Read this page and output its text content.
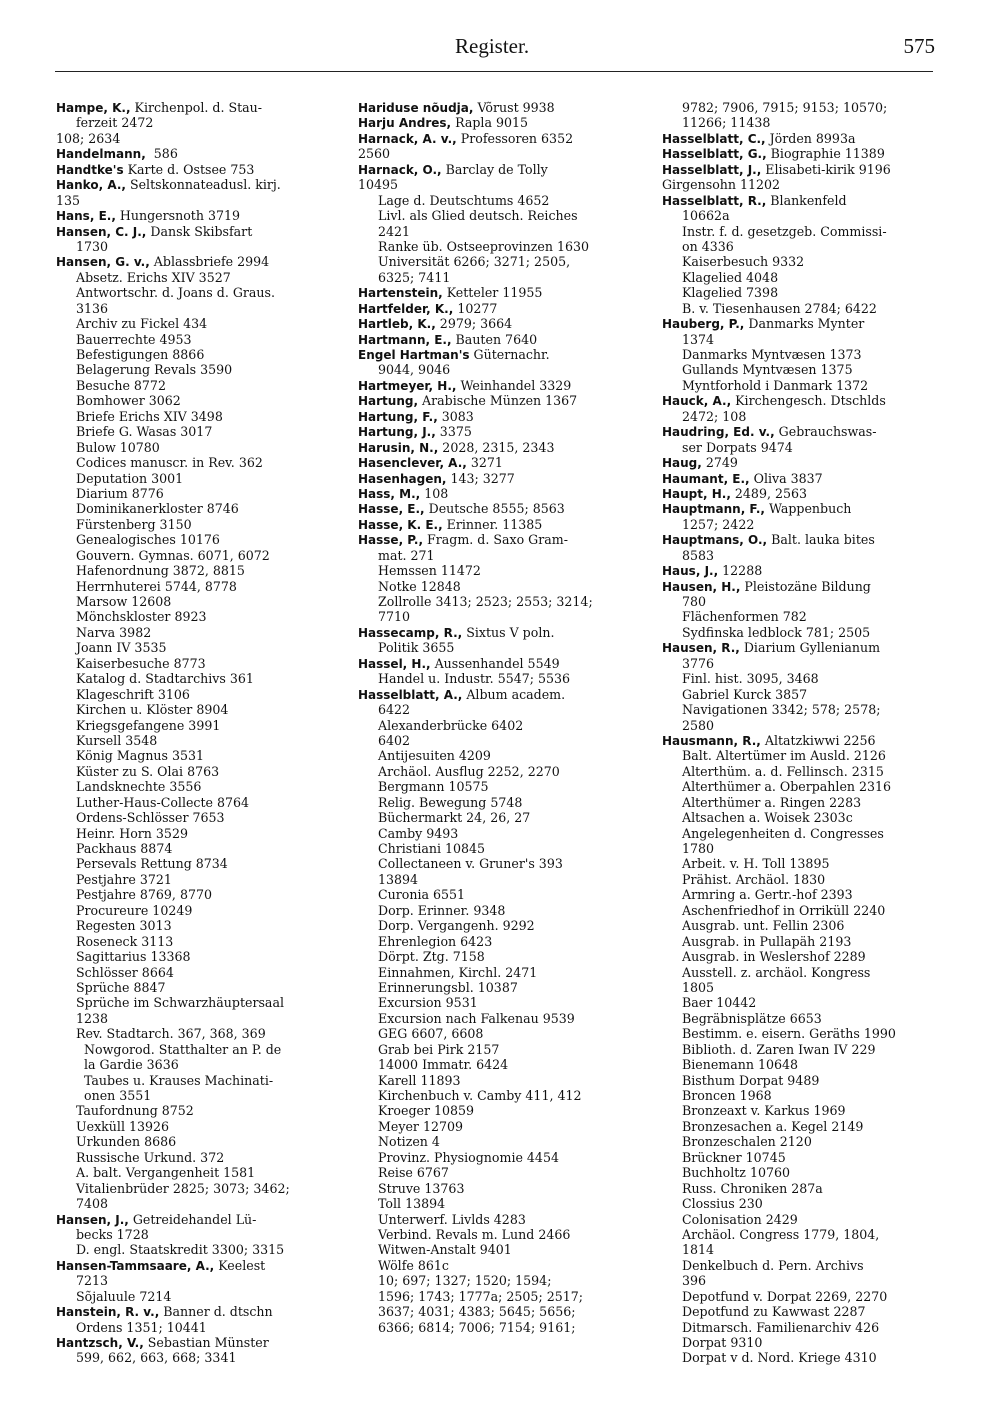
Register.	575
Hampe, K., Kirchenpol. d. Stau-
ferzeit 2472
108; 2634
Handelmann,  586
Handtke's Karte d. Ostsee 753
Hanko, A., Seltskonnateadusl. kirj.
135
Hans, E., Hungersnoth 3719
Hansen, C. J., Dansk Skibsfart
1730
Hansen, G. v., Ablassbriefe 2994
Absetz. Erichs XIV 3527
Antwortschr. d. Joans d. Graus.
3136
Archiv zu Fickel 434
Bauerrechte 4953
Befestigungen 8866
Belagerung Revals 3590
Besuche 8772
Bomhower 3062
Briefe Erichs XIV 3498
Briefe G. Wasas 3017
Bulow 10780
Codices manuscr. in Rev. 362
Deputation 3001
Diarium 8776
Dominikanerkloster 8746
Fürstenberg 3150
Genealogisches 10176
Gouvern. Gymnas. 6071, 6072
Hafenordnung 3872, 8815
Herrnhuterei 5744, 8778
Marsow 12608
Mönchskloster 8923
Narva 3982
Joann IV 3535
Kaiserbesuche 8773
Katalog d. Stadtarchivs 361
Klageschrift 3106
Kirchen u. Klöster 8904
Kriegsgefangene 3991
Kursell 3548
König Magnus 3531
Küster zu S. Olai 8763
Landsknechte 3556
Luther-Haus-Collecte 8764
Ordens-Schlösser 7653
Heinr. Horn 3529
Packhaus 8874
Persevals Rettung 8734
Pestjahre 3721
Pestjahre 8769, 8770
Procureure 10249
Regesten 3013
Roseneck 3113
Sagittarius 13368
Schlösser 8664
Sprüche 8847
Sprüche im Schwarzhäuptersaal
1238
Rev. Stadtarch. 367, 368, 369
Nowgorod. Statthalter an P. de
la Gardie 3636
Taubes u. Krauses Machinati-
onen 3551
Taufordnung 8752
Uexküll 13926
Urkunden 8686
Russische Urkund. 372
A. balt. Vergangenheit 1581
Vitalienbrüder 2825; 3073; 3462;
7408
Hansen, J., Getreidehandel Lü-
becks 1728
D. engl. Staatskredit 3300; 3315
Hansen-Tammsaare, A., Keelest
7213
Sõjaluule 7214
Hanstein, R. v., Banner d. dtschn
Ordens 1351; 10441
Hantzsch, V., Sebastian Münster
599, 662, 663, 668; 3341
Hariduse nõudja, Võrust 9938
Harju Andres, Rapla 9015
Harnack, A. v., Professoren 6352
2560
Harnack, O., Barclay de Tolly
10495
Lage d. Deutschtums 4652
Livl. als Glied deutsch. Reiches
2421
Ranke üb. Ostseeprovinzen 1630
Universität 6266; 3271; 2505,
6325; 7411
Hartenstein, Ketteler 11955
Hartfelder, K., 10277
Hartleb, K., 2979; 3664
Hartmann, E., Bauten 7640
Engel Hartman's Güternachr.
9044, 9046
Hartmeyer, H., Weinhandel 3329
Hartung, Arabische Münzen 1367
Hartung, F., 3083
Hartung, J., 3375
Harusin, N., 2028, 2315, 2343
Hasenclever, A., 3271
Hasenhagen, 143; 3277
Hass, M., 108
Hasse, E., Deutsche 8555; 8563
Hasse, K. E., Erinner. 11385
Hasse, P., Fragm. d. Saxo Gram-
mat. 271
Hemssen 11472
Notke 12848
Zollrolle 3413; 2523; 2553; 3214;
7710
Hassecamp, R., Sixtus V poln.
Politik 3655
Hassel, H., Aussenhandel 5549
Handel u. Industr. 5547; 5536
Hasselblatt, A., Album academ.
6422
Alexanderbrücke 6402
6402
Antijesuiten 4209
Archäol. Ausflug 2252, 2270
Bergmann 10575
Relig. Bewegung 5748
Büchermarkt 24, 26, 27
Camby 9493
Christiani 10845
Collectaneen v. Gruner's 393
13894
Curonia 6551
Dorp. Erinner. 9348
Dorp. Vergangenh. 9292
Ehrenlegion 6423
Dörpt. Ztg. 7158
Einnahmen, Kirchl. 2471
Erinnerungsbl. 10387
Excursion 9531
Excursion nach Falkenau 9539
GEG 6607, 6608
Grab bei Pirk 2157
14000 Immatr. 6424
Karell 11893
Kirchenbuch v. Camby 411, 412
Kroeger 10859
Meyer 12709
Notizen 4
Provinz. Physiognomie 4454
Reise 6767
Struve 13763
Toll 13894
Unterwerf. Livlds 4283
Verbind. Revals m. Lund 2466
Witwen-Anstalt 9401
Wölfe 861c
10; 697; 1327; 1520; 1594;
1596; 1743; 1777a; 2505; 2517;
3637; 4031; 4383; 5645; 5656;
6366; 6814; 7006; 7154; 9161;
9782; 7906, 7915; 9153; 10570;
11266; 11438
Hasselblatt, C., Jörden 8993a
Hasselblatt, G., Biographie 11389
Hasselblatt, J., Elisabeti-kirik 9196
Girgensohn 11202
Hasselblatt, R., Blankenfeld
10662a
Instr. f. d. gesetzgeb. Commissi-
on 4336
Kaiserbesuch 9332
Klagelied 4048
Klagelied 7398
B. v. Tiesenhausen 2784; 6422
Hauberg, P., Danmarks Mynter
1374
Danmarks Myntvæsen 1373
Gullands Myntvæsen 1375
Myntforhold i Danmark 1372
Hauck, A., Kirchengesch. Dtschlds
2472; 108
Haudring, Ed. v., Gebrauchswas-
ser Dorpats 9474
Haug, 2749
Haumant, E., Oliva 3837
Haupt, H., 2489, 2563
Hauptmann, F., Wappenbuch
1257; 2422
Hauptmans, O., Balt. lauka bites
8583
Haus, J., 12288
Hausen, H., Pleistozäne Bildung
780
Flächenformen 782
Sydfinska ledblock 781; 2505
Hausen, R., Diarium Gyllenianum
3776
Finl. hist. 3095, 3468
Gabriel Kurck 3857
Navigationen 3342; 578; 2578;
2580
Hausmann, R., Altatzkiwwi 2256
Balt. Altertümer im Ausld. 2126
Alterthüm. a. d. Fellinsch. 2315
Alterthümer a. Oberpahlen 2316
Alterthümer a. Ringen 2283
Altsachen a. Woisek 2303c
Angelegenheiten d. Congresses
1780
Arbeit. v. H. Toll 13895
Prähist. Archäol. 1830
Armring a. Gertr.-hof 2393
Aschenfriedhof in Orriküll 2240
Ausgrab. unt. Fellin 2306
Ausgrab. in Pullapäh 2193
Ausgrab. in Weslershof 2289
Ausstell. z. archäol. Kongress
1805
Baer 10442
Begräbnisplätze 6653
Bestimm. e. eisern. Geräths 1990
Biblioth. d. Zaren Iwan IV 229
Bienemann 10648
Bisthum Dorpat 9489
Broncen 1968
Bronzeaxt v. Karkus 1969
Bronzesachen a. Kegel 2149
Bronzeschalen 2120
Brückner 10745
Buchholtz 10760
Russ. Chroniken 287a
Clossius 230
Colonisation 2429
Archäol. Congress 1779, 1804,
1814
Denkelbuch d. Pern. Archivs
396
Depotfund v. Dorpat 2269, 2270
Depotfund zu Kawwast 2287
Ditmarsch. Familienarchiv 426
Dorpat 9310
Dorpat v d. Nord. Kriege 4310
